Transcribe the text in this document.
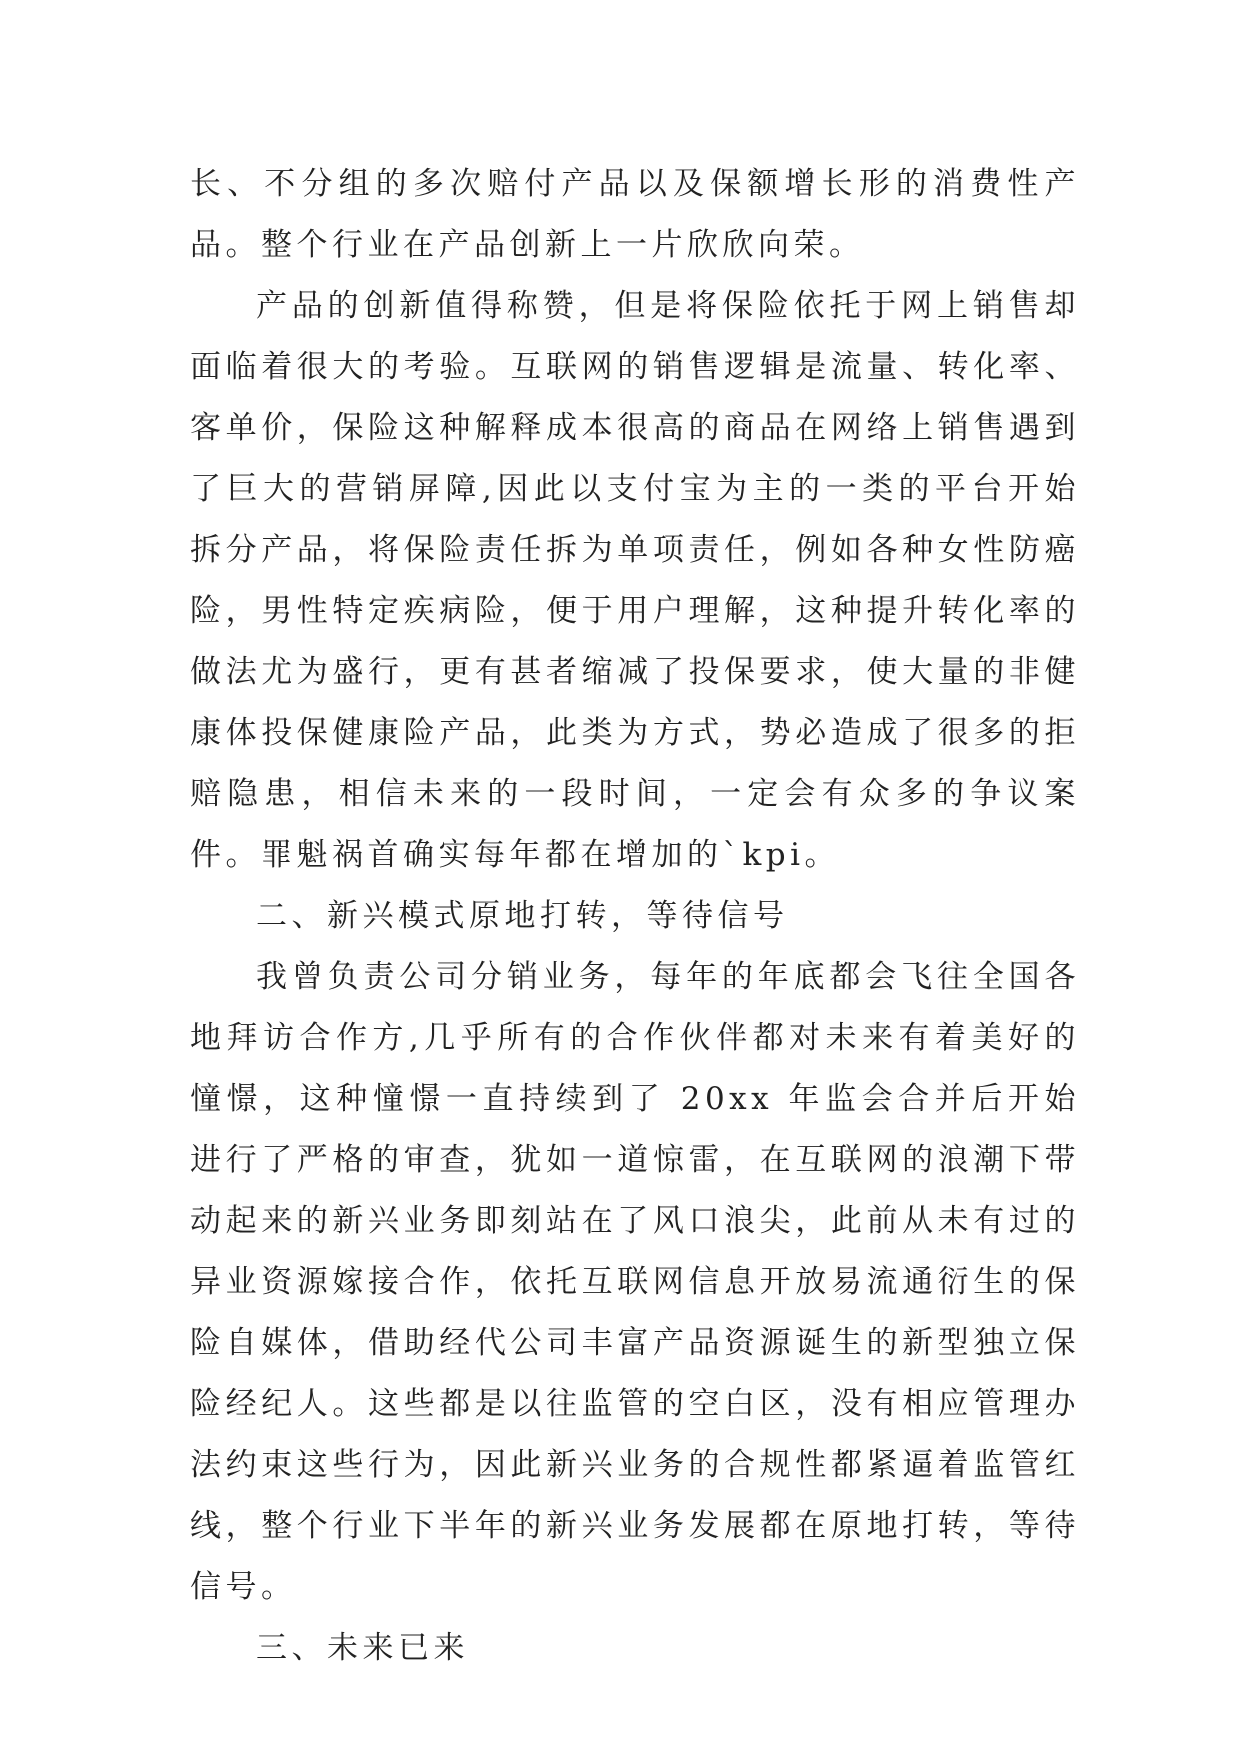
长、不分组的多次赔付产品以及保额增长形的消费性产品。整个行业在产品创新上一片欣欣向荣。

产品的创新值得称赞，但是将保险依托于网上销售却面临着很大的考验。互联网的销售逻辑是流量、转化率、客单价，保险这种解释成本很高的商品在网络上销售遇到了巨大的营销屏障,因此以支付宝为主的一类的平台开始拆分产品，将保险责任拆为单项责任，例如各种女性防癌险，男性特定疾病险，便于用户理解，这种提升转化率的做法尤为盛行，更有甚者缩减了投保要求，使大量的非健康体投保健康险产品，此类为方式，势必造成了很多的拒赔隐患，相信未来的一段时间，一定会有众多的争议案件。罪魁祸首确实每年都在增加的`kpi。

二、新兴模式原地打转，等待信号

我曾负责公司分销业务，每年的年底都会飞往全国各地拜访合作方,几乎所有的合作伙伴都对未来有着美好的憧憬，这种憧憬一直持续到了 20xx 年监会合并后开始进行了严格的审查，犹如一道惊雷，在互联网的浪潮下带动起来的新兴业务即刻站在了风口浪尖，此前从未有过的异业资源嫁接合作，依托互联网信息开放易流通衍生的保险自媒体，借助经代公司丰富产品资源诞生的新型独立保险经纪人。这些都是以往监管的空白区，没有相应管理办法约束这些行为，因此新兴业务的合规性都紧逼着监管红线，整个行业下半年的新兴业务发展都在原地打转，等待信号。

三、未来已来
